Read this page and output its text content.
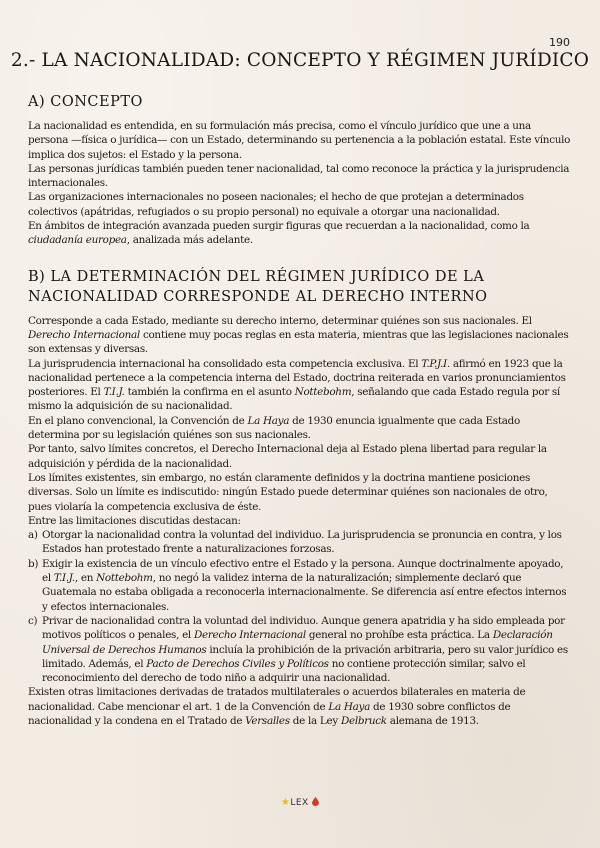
190
2.- LA NACIONALIDAD: CONCEPTO Y RÉGIMEN JURÍDICO
A) CONCEPTO

La nacionalidad es entendida, en su formulación más precisa, como el vínculo jurídico que une a una persona —física o jurídica— con un Estado, determinando su pertenencia a la población estatal. Este vínculo implica dos sujetos: el Estado y la persona.

Las personas jurídicas también pueden tener nacionalidad, tal como reconoce la práctica y la jurisprudencia internacionales.

Las organizaciones internacionales no poseen nacionales; el hecho de que protejan a determinados colectivos (apátridas, refugiados o su propio personal) no equivale a otorgar una nacionalidad.

En ámbitos de integración avanzada pueden surgir figuras que recuerdan a la nacionalidad, como la ciudadanía europea, analizada más adelante.

B) LA DETERMINACIÓN DEL RÉGIMEN JURÍDICO DE LA NACIONALIDAD CORRESPONDE AL DERECHO INTERNO

Corresponde a cada Estado, mediante su derecho interno, determinar quiénes son sus nacionales. El Derecho Internacional contiene muy pocas reglas en esta materia, mientras que las legislaciones nacionales son extensas y diversas.

La jurisprudencia internacional ha consolidado esta competencia exclusiva. El T.P.J.I. afirmó en 1923 que la nacionalidad pertenece a la competencia interna del Estado, doctrina reiterada en varios pronunciamientos posteriores. El T.I.J. también la confirma en el asunto Nottebohm, señalando que cada Estado regula por sí mismo la adquisición de su nacionalidad.

En el plano convencional, la Convención de La Haya de 1930 enuncia igualmente que cada Estado determina por su legislación quiénes son sus nacionales.

Por tanto, salvo límites concretos, el Derecho Internacional deja al Estado plena libertad para regular la adquisición y pérdida de la nacionalidad.

Los límites existentes, sin embargo, no están claramente definidos y la doctrina mantiene posiciones diversas. Solo un límite es indiscutido: ningún Estado puede determinar quiénes son nacionales de otro, pues violaría la competencia exclusiva de éste.

Entre las limitaciones discutidas destacan:

a) Otorgar la nacionalidad contra la voluntad del individuo. La jurisprudencia se pronuncia en contra, y los Estados han protestado frente a naturalizaciones forzosas.
b) Exigir la existencia de un vínculo efectivo entre el Estado y la persona. Aunque doctrinalmente apoyado, el T.I.J., en Nottebohm, no negó la validez interna de la naturalización; simplemente declaró que Guatemala no estaba obligada a reconocerla internacionalmente. Se diferencia así entre efectos internos y efectos internacionales.
c) Privar de nacionalidad contra la voluntad del individuo. Aunque genera apatridia y ha sido empleada por motivos políticos o penales, el Derecho Internacional general no prohíbe esta práctica. La Declaración Universal de Derechos Humanos incluía la prohibición de la privación arbitraria, pero su valor jurídico es limitado. Además, el Pacto de Derechos Civiles y Políticos no contiene protección similar, salvo el reconocimiento del derecho de todo niño a adquirir una nacionalidad.

Existen otras limitaciones derivadas de tratados multilaterales o acuerdos bilaterales en materia de nacionalidad. Cabe mencionar el art. 1 de la Convención de La Haya de 1930 sobre conflictos de nacionalidad y la condena en el Tratado de Versalles de la Ley Delbruck alemana de 1913.

★LEX
